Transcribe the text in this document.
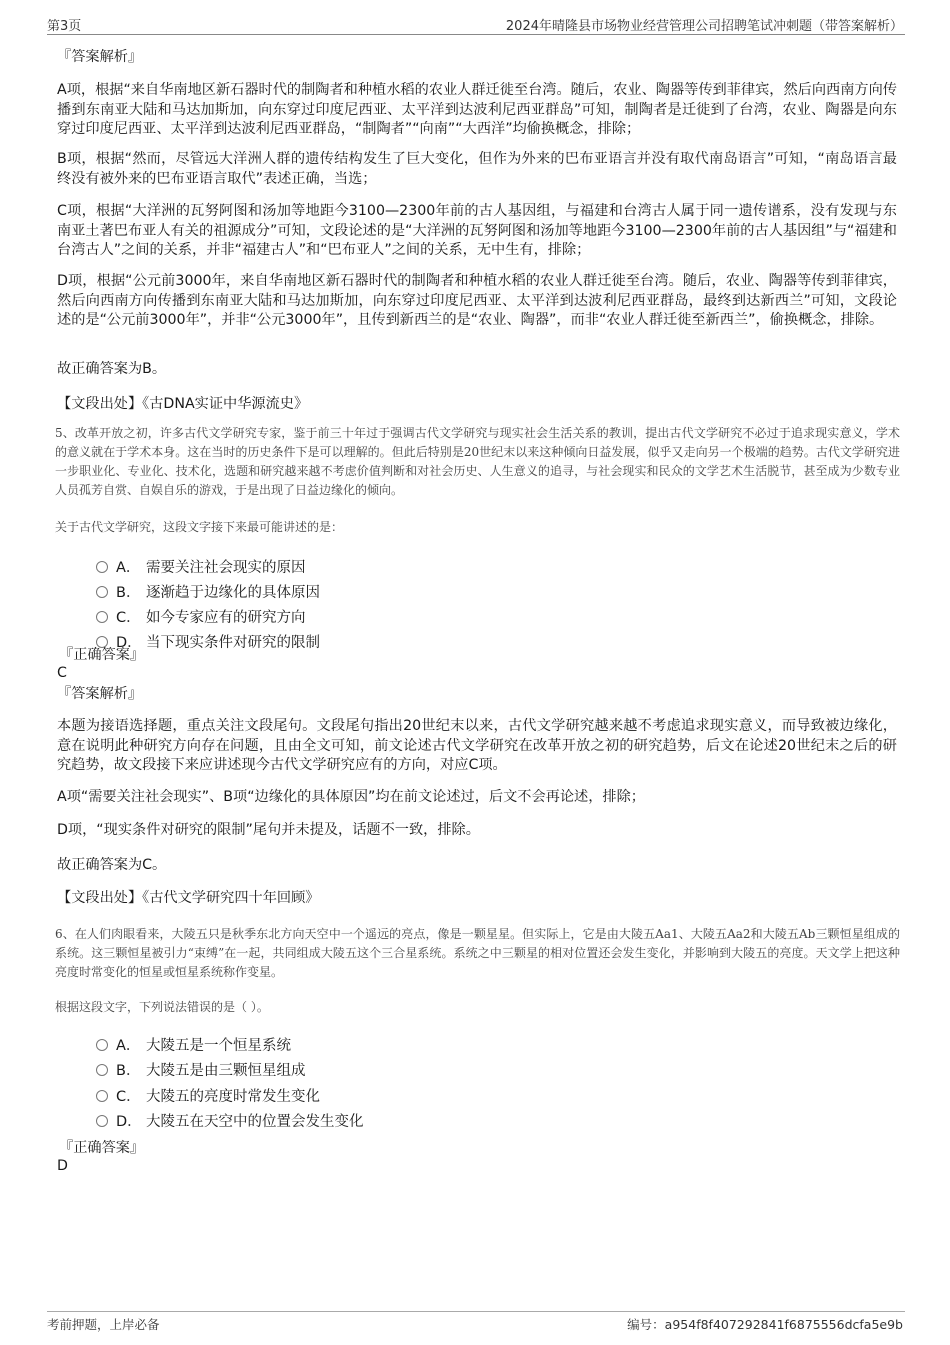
第3页	2024年晴隆县市场物业经营管理公司招聘笔试冲刺题（带答案解析）
『答案解析』
A项，根据“来自华南地区新石器时代的制陶者和种植水稻的农业人群迁徙至台湾。随后，农业、陶器等传到菲律宾，然后向西南方向传播到东南亚大陆和马达加斯加，向东穿过印度尼西亚、太平洋到达波利尼西亚群岛”可知，制陶者是迁徙到了台湾，农业、陶器是向东穿过印度尼西亚、太平洋到达波利尼西亚群岛，“制陶者”“向南”“大西洋”均偷换概念，排除；
B项，根据“然而，尽管远大洋洲人群的遗传结构发生了巨大变化，但作为外来的巴布亚语言并没有取代南岛语言”可知，“南岛语言最终没有被外来的巴布亚语言取代”表述正确，当选；
C项，根据“大洋洲的瓦努阿图和汤加等地距今3100—2300年前的古人基因组，与福建和台湾古人属于同一遗传谱系，没有发现与东南亚土著巴布亚人有关的祖源成分”可知，文段论述的是“大洋洲的瓦努阿图和汤加等地距今3100—2300年前的古人基因组”与“福建和台湾古人”之间的关系，并非“福建古人”和“巴布亚人”之间的关系，无中生有，排除；
D项，根据“公元前3000年，来自华南地区新石器时代的制陶者和种植水稻的农业人群迁徙至台湾。随后，农业、陶器等传到菲律宾，然后向西南方向传播到东南亚大陆和马达加斯加，向东穿过印度尼西亚、太平洋到达波利尼西亚群岛，最终到达新西兰”可知，文段论述的是“公元前3000年”，并非“公元3000年”，且传到新西兰的是“农业、陶器”，而非“农业人群迁徙至新西兰”，偷换概念，排除。
故正确答案为B。
【文段出处】《古DNA实证中华源流史》
5、改革开放之初，许多古代文学研究专家，鉴于前三十年过于强调古代文学研究与现实社会生活关系的教训，提出古代文学研究不必过于追求现实意义，学术的意义就在于学术本身。这在当时的历史条件下是可以理解的。但此后特别是20世纪末以来这种倾向日益发展，似乎又走向另一个极端的趋势。古代文学研究进一步职业化、专业化、技术化，选题和研究越来越不考虑价值判断和对社会历史、人生意义的追寻，与社会现实和民众的文学艺术生活脱节，甚至成为少数专业人员孤芳自赏、自娱自乐的游戏，于是出现了日益边缘化的倾向。
关于古代文学研究，这段文字接下来最可能讲述的是：
A． 需要关注社会现实的原因
B． 逐渐趋于边缘化的具体原因
C． 如今专家应有的研究方向
D． 当下现实条件对研究的限制
『正确答案』
C
『答案解析』
本题为接语选择题，重点关注文段尾句。文段尾句指出20世纪末以来，古代文学研究越来越不考虑追求现实意义，而导致被边缘化，意在说明此种研究方向存在问题，且由全文可知，前文论述古代文学研究在改革开放之初的研究趋势，后文在论述20世纪末之后的研究趋势，故文段接下来应讲述现今古代文学研究应有的方向，对应C项。
A项“需要关注社会现实”、B项“边缘化的具体原因”均在前文论述过，后文不会再论述，排除；
D项，“现实条件对研究的限制”尾句并未提及，话题不一致，排除。
故正确答案为C。
【文段出处】《古代文学研究四十年回顾》
6、在人们肉眼看来，大陵五只是秋季东北方向天空中一个遥远的亮点，像是一颗星星。但实际上，它是由大陵五Aa1、大陵五Aa2和大陵五Ab三颗恒星组成的系统。这三颗恒星被引力“束缚”在一起，共同组成大陵五这个三合星系统。系统之中三颗星的相对位置还会发生变化，并影响到大陵五的亮度。天文学上把这种亮度时常变化的恒星或恒星系统称作变星。
根据这段文字，下列说法错误的是（ ）。
A． 大陵五是一个恒星系统
B． 大陵五是由三颗恒星组成
C． 大陵五的亮度时常发生变化
D． 大陵五在天空中的位置会发生变化
『正确答案』
D
考前押题，上岸必备	编号：a954f8f407292841f6875556dcfa5e9b
